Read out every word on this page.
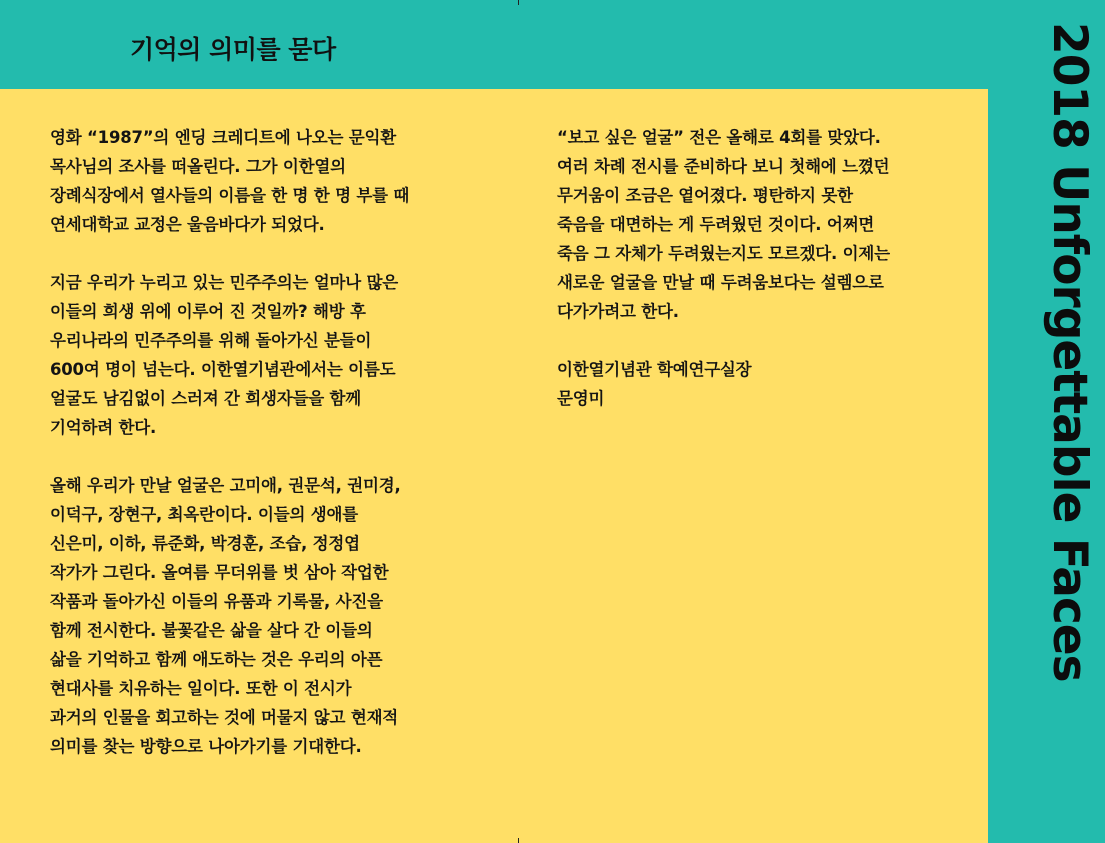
기억의 의미를 묻다

영화 “1987”의 엔딩 크레디트에 나오는 문익환
목사님의 조사를 떠올린다. 그가 이한열의
장례식장에서 열사들의 이름을 한 명 한 명 부를 때
연세대학교 교정은 울음바다가 되었다.

지금 우리가 누리고 있는 민주주의는 얼마나 많은
이들의 희생 위에 이루어 진 것일까? 해방 후
우리나라의 민주주의를 위해 돌아가신 분들이
600여 명이 넘는다. 이한열기념관에서는 이름도
얼굴도 남김없이 스러져 간 희생자들을 함께
기억하려 한다.

올해 우리가 만날 얼굴은 고미애, 권문석, 권미경,
이덕구, 장현구, 최옥란이다. 이들의 생애를
신은미, 이하, 류준화, 박경훈, 조습, 정정엽
작가가 그린다. 올여름 무더위를 벗 삼아 작업한
작품과 돌아가신 이들의 유품과 기록물, 사진을
함께 전시한다. 불꽃같은 삶을 살다 간 이들의
삶을 기억하고 함께 애도하는 것은 우리의 아픈
현대사를 치유하는 일이다. 또한 이 전시가
과거의 인물을 회고하는 것에 머물지 않고 현재적
의미를 찾는 방향으로 나아가기를 기대한다.

“보고 싶은 얼굴” 전은 올해로 4회를 맞았다.
여러 차례 전시를 준비하다 보니 첫해에 느꼈던
무거움이 조금은 옅어졌다. 평탄하지 못한
죽음을 대면하는 게 두려웠던 것이다. 어쩌면
죽음 그 자체가 두려웠는지도 모르겠다. 이제는
새로운 얼굴을 만날 때 두려움보다는 설렘으로
다가가려고 한다.

이한열기념관 학예연구실장
문영미	2018 Unforgettable Faces
